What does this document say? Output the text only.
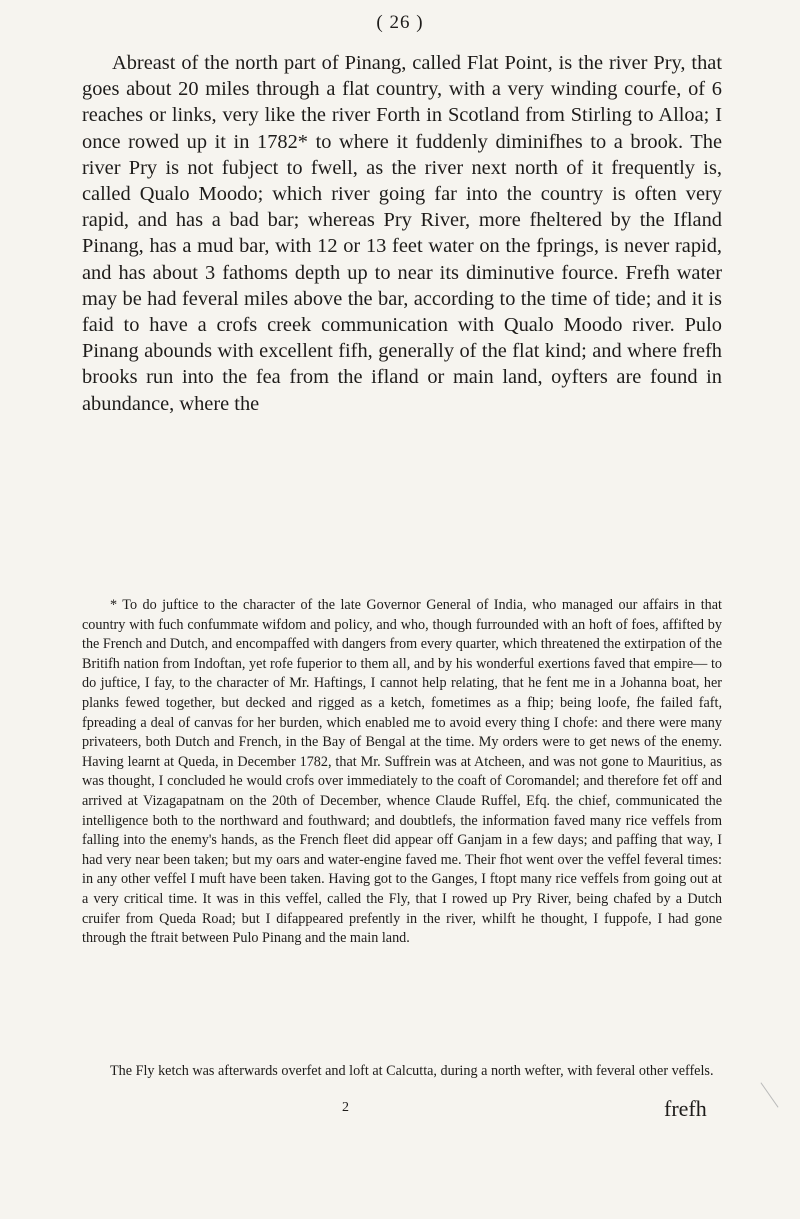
( 26 )
Abreast of the north part of Pinang, called Flat Point, is the river Pry, that goes about 20 miles through a flat country, with a very winding courfe, of 6 reaches or links, very like the river Forth in Scotland from Stirling to Alloa; I once rowed up it in 1782* to where it fuddenly diminifhes to a brook. The river Pry is not fubject to fwell, as the river next north of it frequently is, called Qualo Moodo; which river going far into the country is often very rapid, and has a bad bar; whereas Pry River, more fheltered by the Ifland Pinang, has a mud bar, with 12 or 13 feet water on the fprings, is never rapid, and has about 3 fathoms depth up to near its diminutive fource. Frefh water may be had feveral miles above the bar, according to the time of tide; and it is faid to have a crofs creek communication with Qualo Moodo river. Pulo Pinang abounds with excellent fifh, generally of the flat kind; and where frefh brooks run into the fea from the ifland or main land, oyfters are found in abundance, where the
* To do juftice to the character of the late Governor General of India, who managed our affairs in that country with fuch confummate wifdom and policy, and who, though furrounded with an hoft of foes, affifted by the French and Dutch, and encompaffed with dangers from every quarter, which threatened the extirpation of the Britifh nation from Indoftan, yet rofe fuperior to them all, and by his wonderful exertions faved that empire— to do juftice, I fay, to the character of Mr. Haftings, I cannot help relating, that he fent me in a Johanna boat, her planks fewed together, but decked and rigged as a ketch, fometimes as a fhip; being loofe, fhe failed faft, fpreading a deal of canvas for her burden, which enabled me to avoid every thing I chofe: and there were many privateers, both Dutch and French, in the Bay of Bengal at the time. My orders were to get news of the enemy. Having learnt at Queda, in December 1782, that Mr. Suffrein was at Atcheen, and was not gone to Mauritius, as was thought, I concluded he would crofs over immediately to the coaft of Coromandel; and therefore fet off and arrived at Vizagapatnam on the 20th of December, whence Claude Ruffel, Efq. the chief, communicated the intelligence both to the northward and fouthward; and doubtlefs, the information faved many rice veffels from falling into the enemy's hands, as the French fleet did appear off Ganjam in a few days; and paffing that way, I had very near been taken; but my oars and water-engine faved me. Their fhot went over the veffel feveral times: in any other veffel I muft have been taken. Having got to the Ganges, I ftopt many rice veffels from going out at a very critical time. It was in this veffel, called the Fly, that I rowed up Pry River, being chafed by a Dutch cruifer from Queda Road; but I difappeared prefently in the river, whilft he thought, I fuppofe, I had gone through the ftrait between Pulo Pinang and the main land.
The Fly ketch was afterwards overfet and loft at Calcutta, during a north wefter, with feveral other veffels.
2	frefh
